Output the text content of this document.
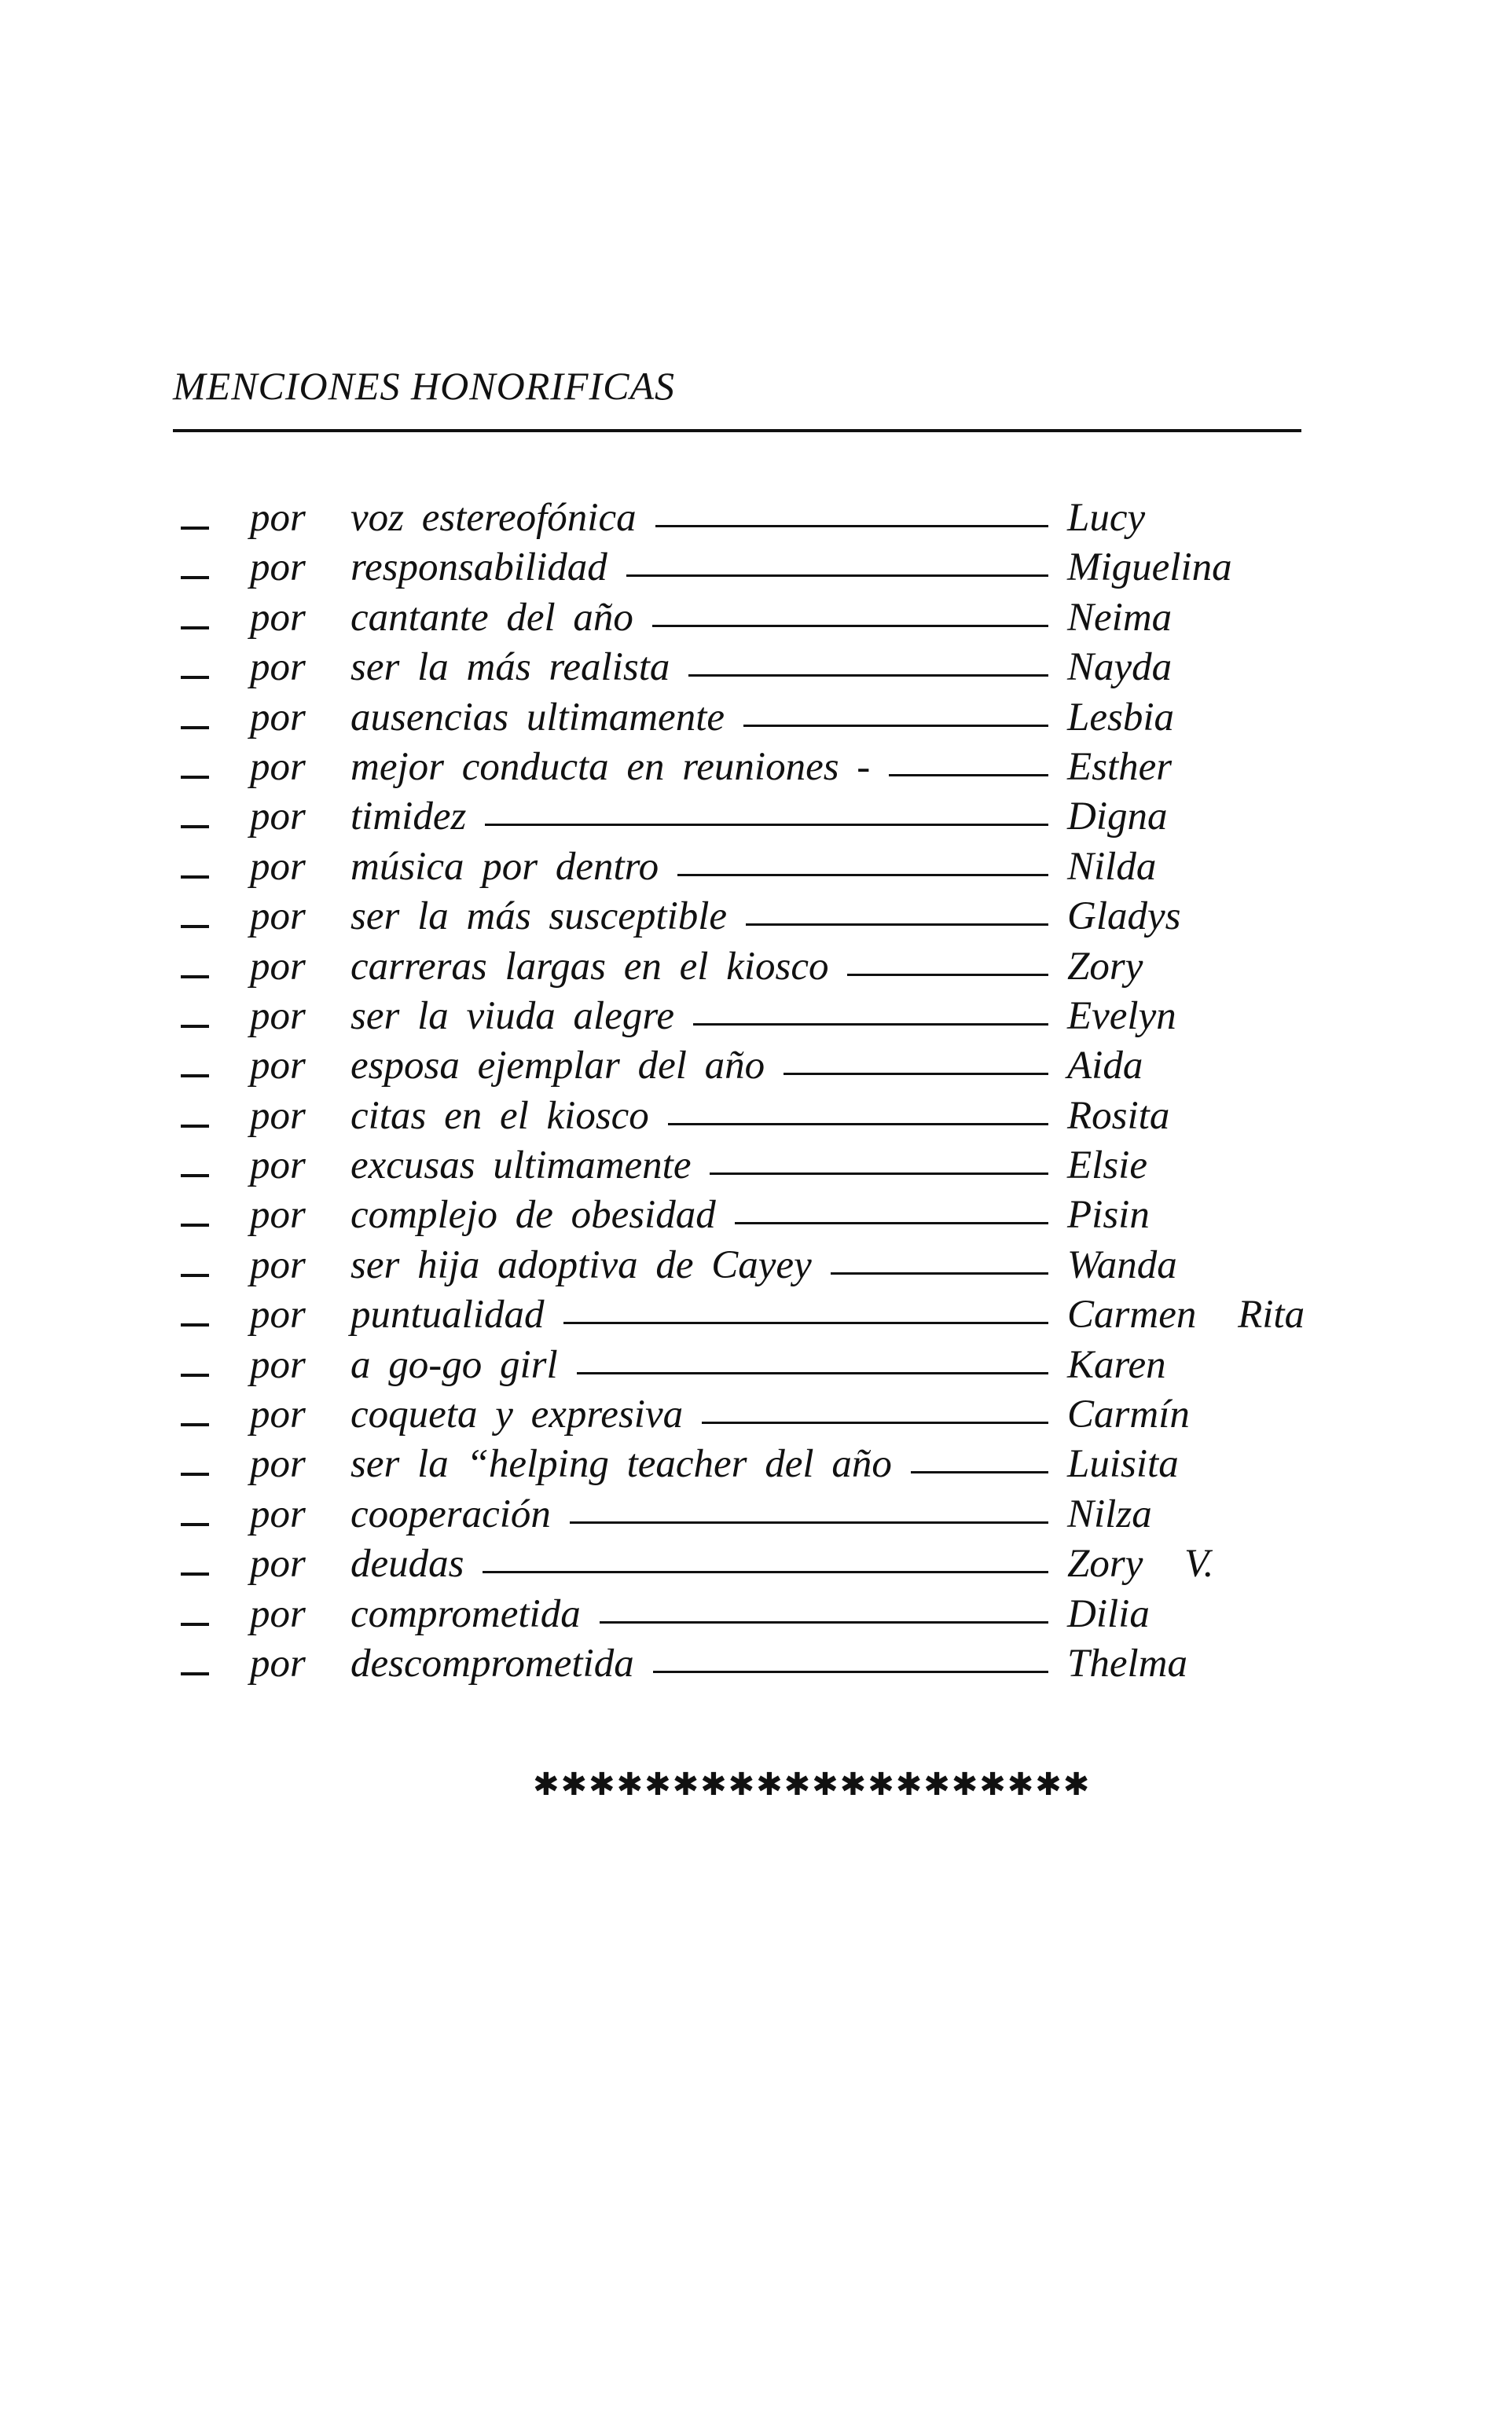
MENCIONES HONORIFICAS
por voz estereofónica	Lucy
por responsabilidad	Miguelina
por cantante del año	Neima
por ser la más realista	Nayda
por ausencias ultimamente	Lesbia
por mejor conducta en reuniones -	Esther
por timidez	Digna
por música por dentro	Nilda
por ser la más susceptible	Gladys
por carreras largas en el kiosco	Zory
por ser la viuda alegre	Evelyn
por esposa ejemplar del año	Aida
por citas en el kiosco	Rosita
por excusas ultimamente	Elsie
por complejo de obesidad	Pisin
por ser hija adoptiva de Cayey	Wanda
por puntualidad	Carmen Rita
por a go-go girl	Karen
por coqueta y expresiva	Carmín
por ser la “helping teacher del año	Luisita
por cooperación	Nilza
por deudas	Zory V.
por comprometida	Dilia
por descomprometida	Thelma
✱✱✱✱✱✱✱✱✱✱✱✱✱✱✱✱✱✱✱✱
